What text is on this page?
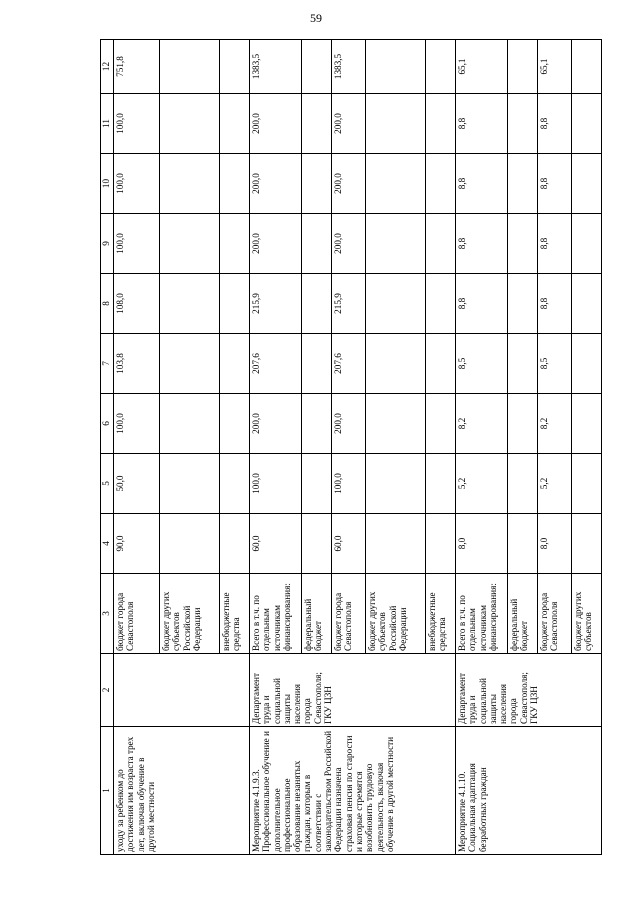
59
1	2	3	4	5	6	7	8	9	10	11	12
уходу за ребенком до достижения им возраста трех лет, включая обучение в другой местности		бюджет города Севастополя	90,0	50,0	100,0	103,8	108,0	100,0	100,0	100,0	751,8
		бюджет других субъектов Российской Федерации									
		внебюджетные средства									
Мероприятие 4.1.9.3. Профессиональное обучение и дополнительное профессиональное образование незанятых граждан, которым в соответствии с законодательством Российской Федерации назначена страховая пенсия по старости и которые стремятся возобновить трудовую деятельность, включая обучение в другой местности	Департамент труда и социальной защиты населения города Севастополя; ГКУ ЦЗН	Всего в т.ч. по отдельным источникам финансирования:	60,0	100,0	200,0	207,6	215,9	200,0	200,0	200,0	1383,5
		федеральный бюджет									
		бюджет города Севастополя	60,0	100,0	200,0	207,6	215,9	200,0	200,0	200,0	1383,5
		бюджет других субъектов Российской Федерации									
		внебюджетные средства									
Мероприятие 4.1.10. Социальная адаптация безработных граждан	Департамент труда и социальной защиты населения города Севастополя; ГКУ ЦЗН	Всего в т.ч. по отдельным источникам финансирования:	8,0	5,2	8,2	8,5	8,8	8,8	8,8	8,8	65,1
		федеральный бюджет									
		бюджет города Севастополя	8,0	5,2	8,2	8,5	8,8	8,8	8,8	8,8	65,1
		бюджет других субъектов									
